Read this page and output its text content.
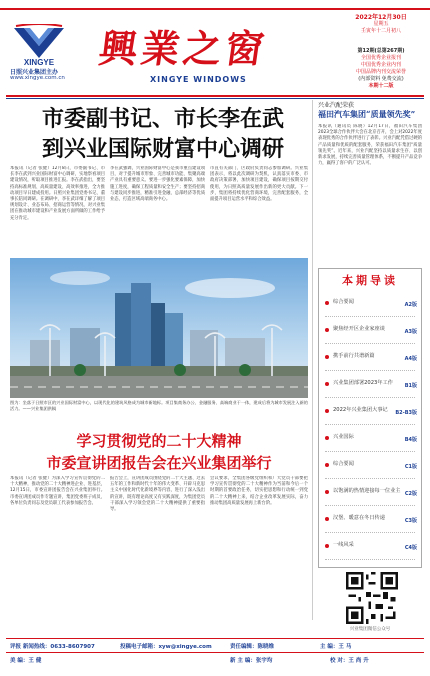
XINGYE
日照兴业集团主办
www.xingye.com.cn
興業之窗
XINGYE WINDOWS
2022年12月30日
星期五
壬寅年十二月初八
第12期(总第267期)
全国优秀企业报刊
中国优秀企业内刊
中国品牌内刊交流荣誉
(内部资料 免费交流)
本期十二版
市委副书记、市长李在武
到兴业国际财富中心调研
本报讯（记者 张健）12月8日，市委副书记、市长李在武到兴业国际财富中心调研，实地察看项目建设情况，听取项目推进汇报。李在武指出，要坚持高标准规划、高质量建设、高效率推进，全力推动项目早日建成投用。日照兴业集团党委书记、董事长陪同调研。在调研中，李在武详细了解了项目规划设计、业态布局、招商运营等情况，对兴业集团在推动城市建设和产业发展方面所做的工作给予充分肯定。
李在武强调，兴业国际财富中心是我市重点建设项目，对于提升城市形象、完善城市功能、集聚高端产业具有重要意义。要进一步强化要素保障，加快施工进度，确保工程质量和安全生产；要坚持招商与建设同步推进，精准引进金融、总部经济等优质业态，打造区域高端商务中心。
市直有关部门、区政府负责同志参加调研。兴业集团表示，将以此次调研为契机，认真落实市委、市政府决策部署，加快项目建设，确保项目按期交付使用，为日照高质量发展作出新的更大贡献。下一步，集团将持续优化营商环境，完善配套服务，全面提升项目运营水平和综合效益。
图为：坐落于日照市区的兴业国际财富中心，以现代化的建筑风格成为城市新地标。项目集商务办公、金融服务、高端商业于一体，建成后将为城市发展注入新的活力。——兴业集团供稿
学习贯彻党的二十大精神
市委宣讲团报告会在兴业集团举行
本报讯（记者 张健）为深入学习宣传贯彻党的二十大精神，推动党的二十大精神进企业、进基层，12月15日，市委宣讲团报告会在兴业集团举行。市委宣讲团成员作专题宣讲，集团党委班子成员、各单位负责同志及党员职工代表参加报告会。
报告会上，宣讲团成员围绕党的二十大主题、过去五年的工作和新时代十年的伟大变革、开辟马克思主义中国化时代化新境界等内容，进行了深入浅出的宣讲，既有理论高度又有实践深度，为集团党员干部深入学习领会党的二十大精神提供了重要指导。
会议要求，全集团各级党组织和广大党员干部要把学习宣传贯彻党的二十大精神作为当前和今后一个时期的首要政治任务，切实把思想和行动统一到党的二十大精神上来，结合企业改革发展实际，奋力推动集团高质量发展再上新台阶。
兴业汽配荣获
福田汽车集团“质量领先奖”
本报讯（通讯员 陈晓）12月17日，福田汽车集团2023全球合作伙伴大会在北京召开，会上对2022年度表现优秀的合作伙伴进行了表彰。兴业汽配凭借过硬的产品质量和优质的配套服务，荣获福田汽车集团“质量领先奖”。近年来，兴业汽配坚持以质量求生存、以创新求发展，持续完善质量管理体系，不断提升产品竞争力，赢得了客户的广泛认可。
综合要闻	A2版
聚焦经开区企业家座谈	A3版
携手前行共谱新篇	A4版
兴业集团部署2023年工作	B1版
2022年兴业集团大事记	B2-B3版
兴业国际	B4版
综合要闻	C1版
以饱满的热情迎接每一位业主 C2版
汉堡、暖意在冬日传递	C3版
一线风采	C4版
本期导读
兴业集团微信公众号
评报 新闻热线：0633-8607907	投稿电子邮箱：xyw@xingye.com	责任编辑：陈晓维	主 编：王 马
美 编：王 健	新 主 编：张宇均	校 对：王 尚 升
